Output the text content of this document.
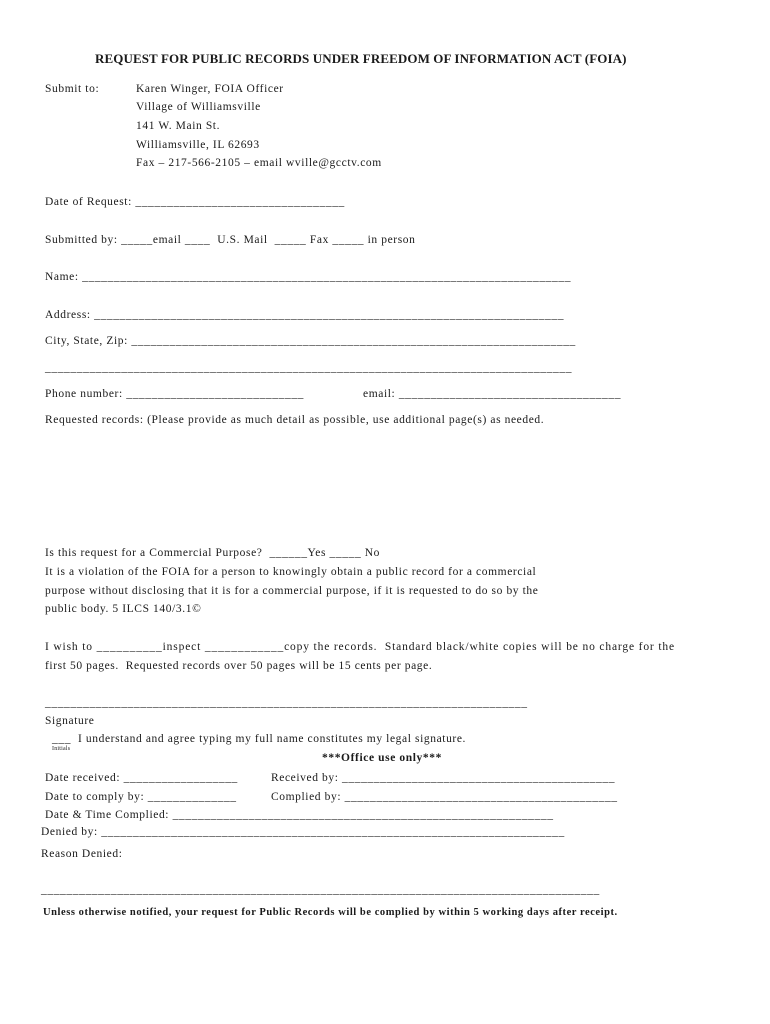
REQUEST FOR PUBLIC RECORDS UNDER FREEDOM OF INFORMATION ACT (FOIA)
Submit to:	Karen Winger, FOIA Officer
Village of Williamsville
141 W. Main St.
Williamsville, IL 62693
Fax – 217-566-2105 – email wville@gcctv.com
Date of Request: _________________________________
Submitted by: _____email ____  U.S. Mail  _____ Fax _____ in person
Name: _____________________________________________________________________________
Address: __________________________________________________________________________
City, State, Zip: ______________________________________________________________________
___________________________________________________________________________________
Phone number: ____________________________	email: ___________________________________
Requested records: (Please provide as much detail as possible, use additional page(s) as needed.
Is this request for a Commercial Purpose?  ______Yes _____ No
It is a violation of the FOIA for a person to knowingly obtain a public record for a commercial
purpose without disclosing that it is for a commercial purpose, if it is requested to do so by the
public body. 5 ILCS 140/3.1©
I wish to __________inspect ____________copy the records.  Standard black/white copies will be no charge for the
first 50 pages.  Requested records over 50 pages will be 15 cents per page.
____________________________________________________________________________
Signature
___
Initials
I understand and agree typing my full name constitutes my legal signature.
***Office use only***
Date received: __________________	Received by: ___________________________________________
Date to comply by: ______________	Complied by: ___________________________________________
Date & Time Complied: ____________________________________________________________
Denied by: _________________________________________________________________________
Reason Denied:
________________________________________________________________________________________
Unless otherwise notified, your request for Public Records will be complied by within 5 working days after receipt.
